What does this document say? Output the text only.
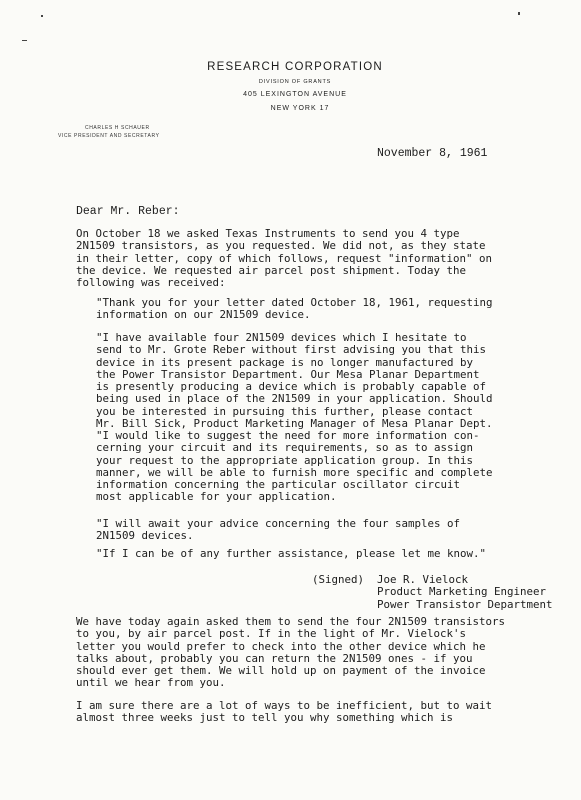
RESEARCH CORPORATION
DIVISION OF GRANTS
405 LEXINGTON AVENUE
NEW YORK 17
CHARLES H SCHAUER
VICE PRESIDENT AND SECRETARY
November 8, 1961
Dear Mr. Reber:
On October 18 we asked Texas Instruments to send you 4 type
2N1509 transistors, as you requested. We did not, as they state
in their letter, copy of which follows, request "information" on
the device. We requested air parcel post shipment. Today the
following was received:
"Thank you for your letter dated October 18, 1961, requesting
information on our 2N1509 device.
"I have available four 2N1509 devices which I hesitate to
send to Mr. Grote Reber without first advising you that this
device in its present package is no longer manufactured by
the Power Transistor Department. Our Mesa Planar Department
is presently producing a device which is probably capable of
being used in place of the 2N1509 in your application. Should
you be interested in pursuing this further, please contact
Mr. Bill Sick, Product Marketing Manager of Mesa Planar Dept.
"I would like to suggest the need for more information con-
cerning your circuit and its requirements, so as to assign
your request to the appropriate application group. In this
manner, we will be able to furnish more specific and complete
information concerning the particular oscillator circuit
most applicable for your application.
"I will await your advice concerning the four samples of
2N1509 devices.
"If I can be of any further assistance, please let me know."
(Signed)  Joe R. Vielock
Product Marketing Engineer
Power Transistor Department
We have today again asked them to send the four 2N1509 transistors
to you, by air parcel post. If in the light of Mr. Vielock's
letter you would prefer to check into the other device which he
talks about, probably you can return the 2N1509 ones - if you
should ever get them. We will hold up on payment of the invoice
until we hear from you.
I am sure there are a lot of ways to be inefficient, but to wait
almost three weeks just to tell you why something which is
